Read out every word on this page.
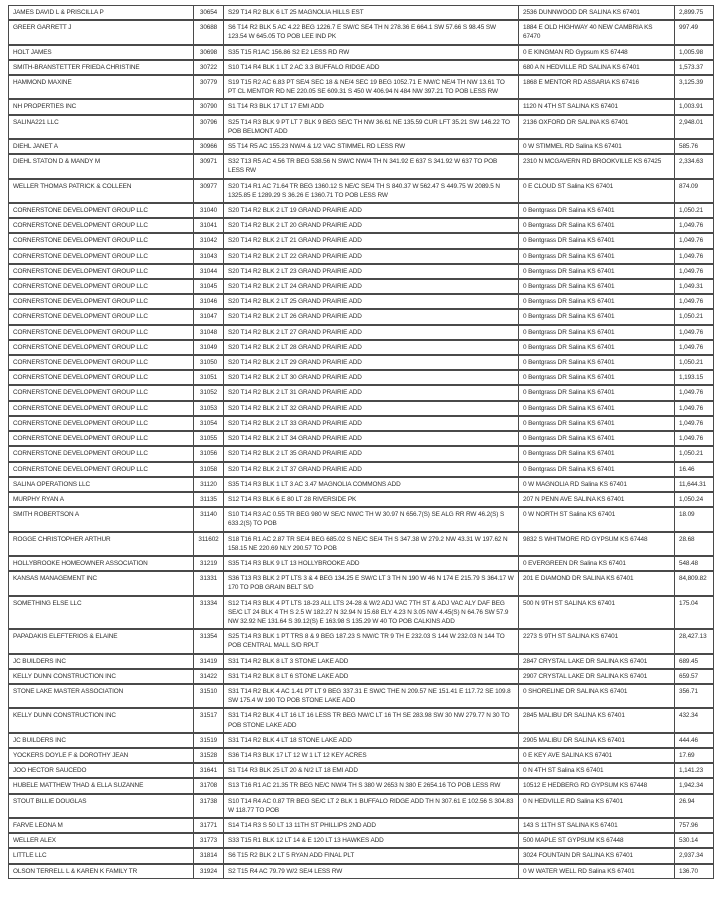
JAMES DAVID L & PRISCILLA P	30654	S29 T14 R2 BLK 6 LT 25 MAGNOLIA HILLS EST	2536 DUNNWOOD DR SALINA KS 67401	2,899.75
GREER GARRETT J	30688	S6 T14 R2 BLK 5 AC 4.22 BEG 1226.7 E SW/C SE4 TH N 278.36 E 664.1 SW 57.66 S 98.45 SW 123.54 W 645.05 TO POB LEE IND PK	1884 E OLD HIGHWAY 40 NEW CAMBRIA KS 67470	997.49
HOLT JAMES	30698	S35 T15 R1AC 156.86 S2 E2 LESS RD RW	0 E KINGMAN RD Gypsum KS 67448	1,005.98
SMITH-BRANSTETTER FRIEDA CHRISTINE	30722	S10 T14 R4 BLK 1 LT 2 AC 3.3 BUFFALO RIDGE ADD	680 A N HEDVILLE RD SALINA KS 67401	1,573.37
HAMMOND MAXINE	30779	S19 T15 R2 AC 6.83 PT SE/4 SEC 18 & NE/4 SEC 19 BEG 1052.71 E NW/C NE/4 TH NW 13.61 TO PT CL MENTOR RD NE 220.05 SE 609.31 S 450 W 406.94 N 484 NW 397.21 TO POB LESS RW	1868 E MENTOR RD ASSARIA KS 67416	3,125.39
NH PROPERTIES INC	30790	S1 T14 R3 BLK 17 LT 17 EMI ADD	1120 N 4TH ST SALINA KS 67401	1,003.91
SALINA221 LLC	30796	S25 T14 R3 BLK 9 PT LT 7 BLK 9 BEG SE/C TH NW 36.61 NE 135.59 CUR LFT 35.21 SW 146.22 TO POB BELMONT ADD	2136 OXFORD DR SALINA KS 67401	2,948.01
DIEHL JANET A	30966	S5 T14 R5 AC 155.23 NW/4 & 1/2 VAC STIMMEL RD LESS RW	0 W STIMMEL RD Salina KS 67401	585.76
DIEHL STATON D & MANDY M	30971	S32 T13 R5 AC 4.56 TR BEG 538.56 N SW/C NW/4 TH N 341.92 E 637 S 341.92 W 637 TO POB LESS RW	2310 N MCGAVERN RD BROOKVILLE KS 67425	2,334.63
WELLER THOMAS PATRICK & COLLEEN	30977	S20 T14 R1 AC 71.64 TR BEG 1360.12 S NE/C SE/4 TH S 840.37 W 562.47 S 449.75 W 2089.5 N 1325.85 E 1289.29 S 36.26 E 1360.71 TO POB LESS RW	0 E CLOUD ST Salina KS 67401	874.09
CORNERSTONE DEVELOPMENT GROUP LLC	31040	S20 T14 R2 BLK 2 LT 19 GRAND PRAIRIE ADD	0 Bentgrass DR Salina KS 67401	1,050.21
CORNERSTONE DEVELOPMENT GROUP LLC	31041	S20 T14 R2 BLK 2 LT 20 GRAND PRAIRIE ADD	0 Bentgrass DR Salina KS 67401	1,049.76
CORNERSTONE DEVELOPMENT GROUP LLC	31042	S20 T14 R2 BLK 2 LT 21 GRAND PRAIRIE ADD	0 Bentgrass DR Salina KS 67401	1,049.76
CORNERSTONE DEVELOPMENT GROUP LLC	31043	S20 T14 R2 BLK 2 LT 22 GRAND PRAIRIE ADD	0 Bentgrass DR Salina KS 67401	1,049.76
CORNERSTONE DEVELOPMENT GROUP LLC	31044	S20 T14 R2 BLK 2 LT 23 GRAND PRAIRIE ADD	0 Bentgrass DR Salina KS 67401	1,049.76
CORNERSTONE DEVELOPMENT GROUP LLC	31045	S20 T14 R2 BLK 2 LT 24 GRAND PRAIRIE ADD	0 Bentgrass DR Salina KS 67401	1,049.31
CORNERSTONE DEVELOPMENT GROUP LLC	31046	S20 T14 R2 BLK 2 LT 25 GRAND PRAIRIE ADD	0 Bentgrass DR Salina KS 67401	1,049.76
CORNERSTONE DEVELOPMENT GROUP LLC	31047	S20 T14 R2 BLK 2 LT 26 GRAND PRAIRIE ADD	0 Bentgrass DR Salina KS 67401	1,050.21
CORNERSTONE DEVELOPMENT GROUP LLC	31048	S20 T14 R2 BLK 2 LT 27 GRAND PRAIRIE ADD	0 Bentgrass DR Salina KS 67401	1,049.76
CORNERSTONE DEVELOPMENT GROUP LLC	31049	S20 T14 R2 BLK 2 LT 28 GRAND PRAIRIE ADD	0 Bentgrass DR Salina KS 67401	1,049.76
CORNERSTONE DEVELOPMENT GROUP LLC	31050	S20 T14 R2 BLK 2 LT 29 GRAND PRAIRIE ADD	0 Bentgrass DR Salina KS 67401	1,050.21
CORNERSTONE DEVELOPMENT GROUP LLC	31051	S20 T14 R2 BLK 2 LT 30 GRAND PRAIRIE ADD	0 Bentgrass DR Salina KS 67401	1,193.15
CORNERSTONE DEVELOPMENT GROUP LLC	31052	S20 T14 R2 BLK 2 LT 31 GRAND PRAIRIE ADD	0 Bentgrass DR Salina KS 67401	1,049.76
CORNERSTONE DEVELOPMENT GROUP LLC	31053	S20 T14 R2 BLK 2 LT 32 GRAND PRAIRIE ADD	0 Bentgrass DR Salina KS 67401	1,049.76
CORNERSTONE DEVELOPMENT GROUP LLC	31054	S20 T14 R2 BLK 2 LT 33 GRAND PRAIRIE ADD	0 Bentgrass DR Salina KS 67401	1,049.76
CORNERSTONE DEVELOPMENT GROUP LLC	31055	S20 T14 R2 BLK 2 LT 34 GRAND PRAIRIE ADD	0 Bentgrass DR Salina KS 67401	1,049.76
CORNERSTONE DEVELOPMENT GROUP LLC	31056	S20 T14 R2 BLK 2 LT 35 GRAND PRAIRIE ADD	0 Bentgrass DR Salina KS 67401	1,050.21
CORNERSTONE DEVELOPMENT GROUP LLC	31058	S20 T14 R2 BLK 2 LT 37 GRAND PRAIRIE ADD	0 Bentgrass DR Salina KS 67401	16.46
SALINA OPERATIONS LLC	31120	S35 T14 R3 BLK 1 LT 3 AC 3.47 MAGNOLIA COMMONS ADD	0 W MAGNOLIA RD Salina KS 67401	11,644.31
MURPHY RYAN A	31135	S12 T14 R3 BLK 6 E 80 LT 28 RIVERSIDE PK	207 N PENN AVE SALINA KS 67401	1,050.24
SMITH ROBERTSON A	31140	S10 T14 R3 AC 0.55 TR BEG 980 W SE/C NW/C TH W 30.97 N 656.7(S) SE ALG RR RW 46.2(S) S 633.2(S) TO POB	0 W NORTH ST Salina KS 67401	18.09
ROGGE CHRISTOPHER ARTHUR	311602	S18 T16 R1 AC 2.87 TR SE/4 BEG 685.02 S NE/C SE/4 TH S 347.38 W 279.2 NW 43.31 W 197.62 N 158.15 NE 220.69 NLY 290.57 TO POB	9832 S WHITMORE RD GYPSUM KS 67448	28.68
HOLLYBROOKE HOMEOWNER ASSOCIATION	31219	S35 T14 R3 BLK 9 LT 13 HOLLYBROOKE ADD	0 EVERGREEN DR Salina KS 67401	548.48
KANSAS MANAGEMENT INC	31331	S36 T13 R3 BLK 2 PT LTS 3 & 4 BEG 134.25 E SW/C LT 3 TH N 190 W 46 N 174 E 215.79 S 364.17 W 170 TO POB GRAIN BELT S/D	201 E DIAMOND DR SALINA KS 67401	84,809.82
SOMETHING ELSE LLC	31334	S12 T14 R3 BLK 4 PT LTS 18-23 ALL LTS 24-28 & W/2 ADJ VAC 7TH ST & ADJ VAC ALY DAF BEG SE/C LT 24 BLK 4 TH S 2.5 W 182.27 N 32.94 N 15.68 ELY 4.23 N 3.05 NW 4.45(S) N 64.76 SW 57.9 NW 32.92 NE 131.64 S 39.12(S) E 163.98 S 135.29 W 40 TO POB CALKINS ADD	500 N 9TH ST SALINA KS 67401	175.04
PAPADAKIS ELEFTERIOS & ELAINE	31354	S25 T14 R3 BLK 1 PT TRS 8 & 9 BEG 187.23 S NW/C TR 9 TH E 232.03 S 144 W 232.03 N 144 TO POB CENTRAL MALL S/D RPLT	2273 S 9TH ST SALINA KS 67401	28,427.13
JC BUILDERS INC	31419	S31 T14 R2 BLK 8 LT 3 STONE LAKE ADD	2847 CRYSTAL LAKE DR SALINA KS 67401	689.45
KELLY DUNN CONSTRUCTION INC	31422	S31 T14 R2 BLK 8 LT 6 STONE LAKE ADD	2907 CRYSTAL LAKE DR SALINA KS 67401	659.57
STONE LAKE MASTER ASSOCIATION	31510	S31 T14 R2 BLK 4 AC 1.41 PT LT 9 BEG 337.31 E SW/C THE N 209.57 NE 151.41 E 117.72 SE 109.8 SW 175.4 W 190 TO POB STONE LAKE ADD	0 SHORELINE DR SALINA KS 67401	356.71
KELLY DUNN CONSTRUCTION INC	31517	S31 T14 R2 BLK 4 LT 16 LT 16 LESS TR BEG NW/C LT 16 TH SE 283.98 SW 30 NW 279.77 N 30 TO POB STONE LAKE ADD	2845 MALIBU DR SALINA KS 67401	432.34
JC BUILDERS INC	31519	S31 T14 R2 BLK 4 LT 18 STONE LAKE ADD	2905 MALIBU DR SALINA KS 67401	444.46
YOCKERS DOYLE F & DOROTHY JEAN	31528	S36 T14 R3 BLK 17 LT 12 W 1 LT 12 KEY ACRES	0 E KEY AVE SALINA KS 67401	17.69
JOO HECTOR SAUCEDO	31641	S1 T14 R3 BLK 25 LT 20 & N/2 LT 18 EMI ADD	0 N 4TH ST Salina KS 67401	1,141.23
HUBELE MATTHEW THAD & ELLA SUZANNE	31708	S13 T16 R1 AC 21.35 TR BEG NE/C NW/4 TH S 380 W 2653 N 380 E 2654.16 TO POB LESS RW	10512 E HEDBERG RD GYPSUM KS 67448	1,942.34
STOUT BILLIE DOUGLAS	31738	S10 T14 R4 AC 0.87 TR BEG SE/C LT 2 BLK 1 BUFFALO RIDGE ADD TH N 307.61 E 102.56 S 304.83 W 118.77 TO POB	0 N HEDVILLE RD Salina KS 67401	26.94
FARVE LEONA M	31771	S14 T14 R3 S 50 LT 13 11TH ST PHILLIPS 2ND ADD	143 S 11TH ST SALINA KS 67401	757.96
WELLER ALEX	31773	S33 T15 R1 BLK 12 LT 14 & E 120 LT 13 HAWKES ADD	500 MAPLE ST GYPSUM KS 67448	530.14
LITTLE LLC	31814	S6 T15 R2 BLK 2 LT 5 RYAN ADD FINAL PLT	3024 FOUNTAIN DR SALINA KS 67401	2,937.34
OLSON TERRELL L & KAREN K FAMILY TR	31924	S2 T15 R4 AC 79.79 W/2 SE/4 LESS RW	0 W WATER WELL RD Salina KS 67401	136.70
